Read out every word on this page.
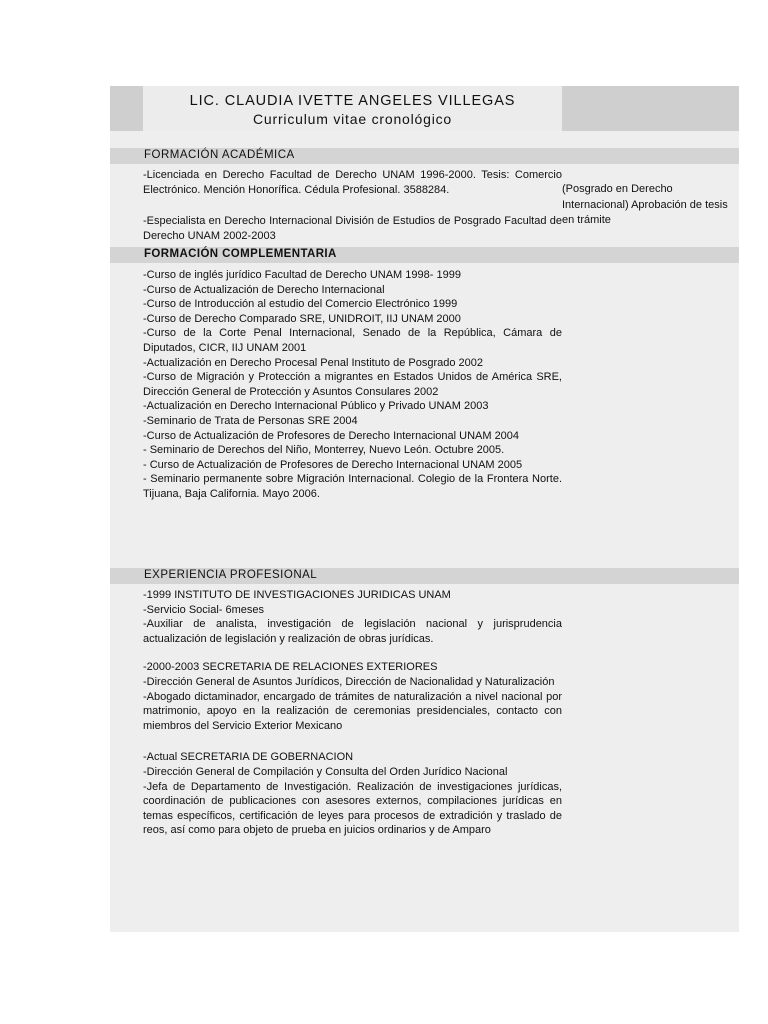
LIC. CLAUDIA IVETTE ANGELES VILLEGAS
Curriculum vitae cronológico
FORMACIÓN ACADÉMICA
-Licenciada en Derecho Facultad de Derecho UNAM 1996-2000. Tesis: Comercio Electrónico. Mención Honorífica. Cédula Profesional. 3588284.
-Especialista en Derecho Internacional División de Estudios de Posgrado Facultad de Derecho UNAM 2002-2003
(Posgrado en Derecho Internacional) Aprobación de tesis en trámite
FORMACIÓN COMPLEMENTARIA
-Curso de inglés jurídico Facultad de Derecho UNAM 1998- 1999
-Curso de Actualización de Derecho Internacional
-Curso de Introducción al estudio del Comercio Electrónico 1999
-Curso de Derecho Comparado SRE, UNIDROIT, IIJ UNAM 2000
-Curso de la Corte Penal Internacional, Senado de la República, Cámara de Diputados, CICR, IIJ UNAM 2001
-Actualización en Derecho Procesal Penal Instituto de Posgrado 2002
-Curso de Migración y Protección a migrantes en Estados Unidos de América SRE, Dirección General de Protección y Asuntos Consulares 2002
-Actualización en Derecho Internacional Público y Privado UNAM 2003
-Seminario de Trata de Personas SRE 2004
-Curso de Actualización de Profesores de Derecho Internacional UNAM 2004
- Seminario de Derechos del Niño, Monterrey, Nuevo León. Octubre 2005.
- Curso de Actualización de Profesores de Derecho Internacional UNAM 2005
- Seminario permanente sobre Migración Internacional. Colegio de la Frontera Norte. Tijuana, Baja California. Mayo 2006.
EXPERIENCIA PROFESIONAL
-1999 INSTITUTO DE INVESTIGACIONES JURIDICAS UNAM
-Servicio Social- 6meses
-Auxiliar de analista, investigación de legislación nacional y jurisprudencia actualización de legislación y realización de obras jurídicas.
-2000-2003 SECRETARIA DE RELACIONES EXTERIORES
-Dirección General de Asuntos Jurídicos, Dirección de Nacionalidad y Naturalización
-Abogado dictaminador, encargado de trámites de naturalización a nivel nacional por matrimonio, apoyo en la realización de ceremonias presidenciales, contacto con miembros del Servicio Exterior Mexicano
-Actual SECRETARIA DE GOBERNACION
-Dirección General de Compilación y Consulta del Orden Jurídico Nacional
-Jefa de Departamento de Investigación. Realización de investigaciones jurídicas, coordinación de publicaciones con asesores externos, compilaciones jurídicas en temas específicos, certificación de leyes para procesos de extradición y traslado de reos, así como para objeto de prueba en juicios ordinarios y de Amparo
